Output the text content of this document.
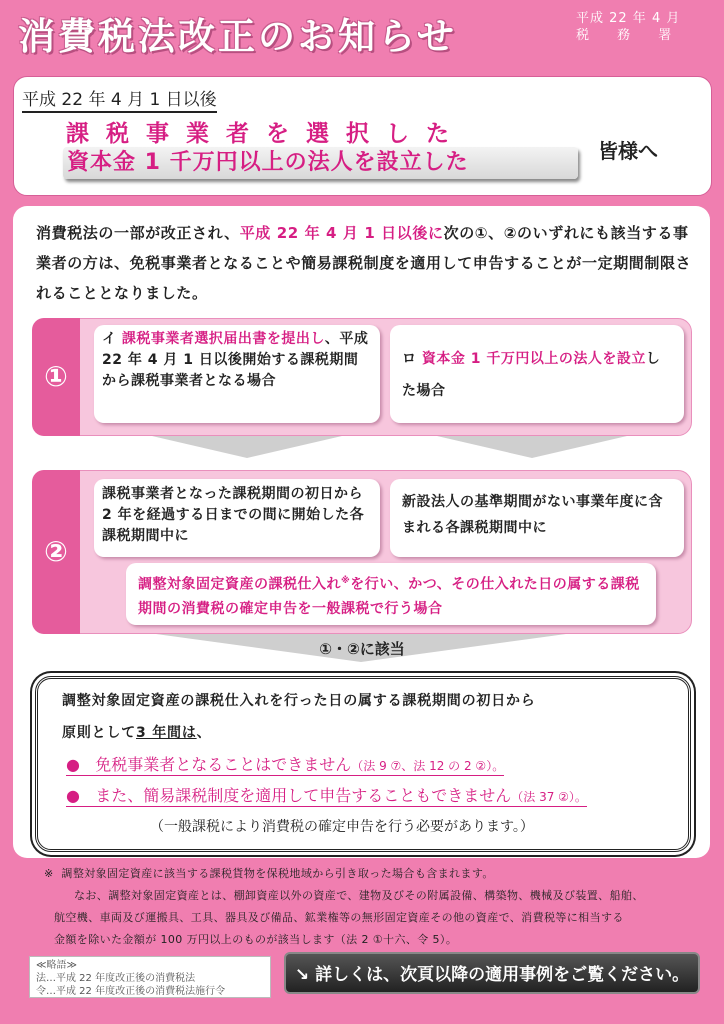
消費税法改正のお知らせ	平成 22 年 4 月
税 務 署
平成 22 年 4 月 1 日以後
課税事業者を選択した
資本金 1 千万円以上の法人を設立した	皆様へ
消費税法の一部が改正され、平成 22 年 4 月 1 日以後に次の①、②のいずれにも該当する事業者の方は、免税事業者となることや簡易課税制度を適用して申告することが一定期間制限されることとなりました。
①
イ 課税事業者選択届出書を提出し、平成 22 年 4 月 1 日以後開始する課税期間から課税事業者となる場合
ロ 資本金 1 千万円以上の法人を設立した場合
②
課税事業者となった課税期間の初日から 2 年を経過する日までの間に開始した各課税期間中に
新設法人の基準期間がない事業年度に含まれる各課税期間中に
調整対象固定資産の課税仕入れ※を行い、かつ、その仕入れた日の属する課税期間の消費税の確定申告を一般課税で行う場合
①・②に該当
調整対象固定資産の課税仕入れを行った日の属する課税期間の初日から
原則として3 年間は、
● 免税事業者となることはできません（法 9 ⑦、法 12 の 2 ②）。
● また、簡易課税制度を適用して申告することもできません（法 37 ②）。
（一般課税により消費税の確定申告を行う必要があります。）

※ 調整対象固定資産に該当する課税貨物を保税地域から引き取った場合も含まれます。

なお、調整対象固定資産とは、棚卸資産以外の資産で、建物及びその附属設備、構築物、機械及び装置、船舶、

航空機、車両及び運搬具、工具、器具及び備品、鉱業権等の無形固定資産その他の資産で、消費税等に相当する

金額を除いた金額が 100 万円以上のものが該当します（法 2 ①十六、令 5）。

≪略語≫
法…平成 22 年度改正後の消費税法
令…平成 22 年度改正後の消費税法施行令
↘ 詳しくは、次頁以降の適用事例をご覧ください。
